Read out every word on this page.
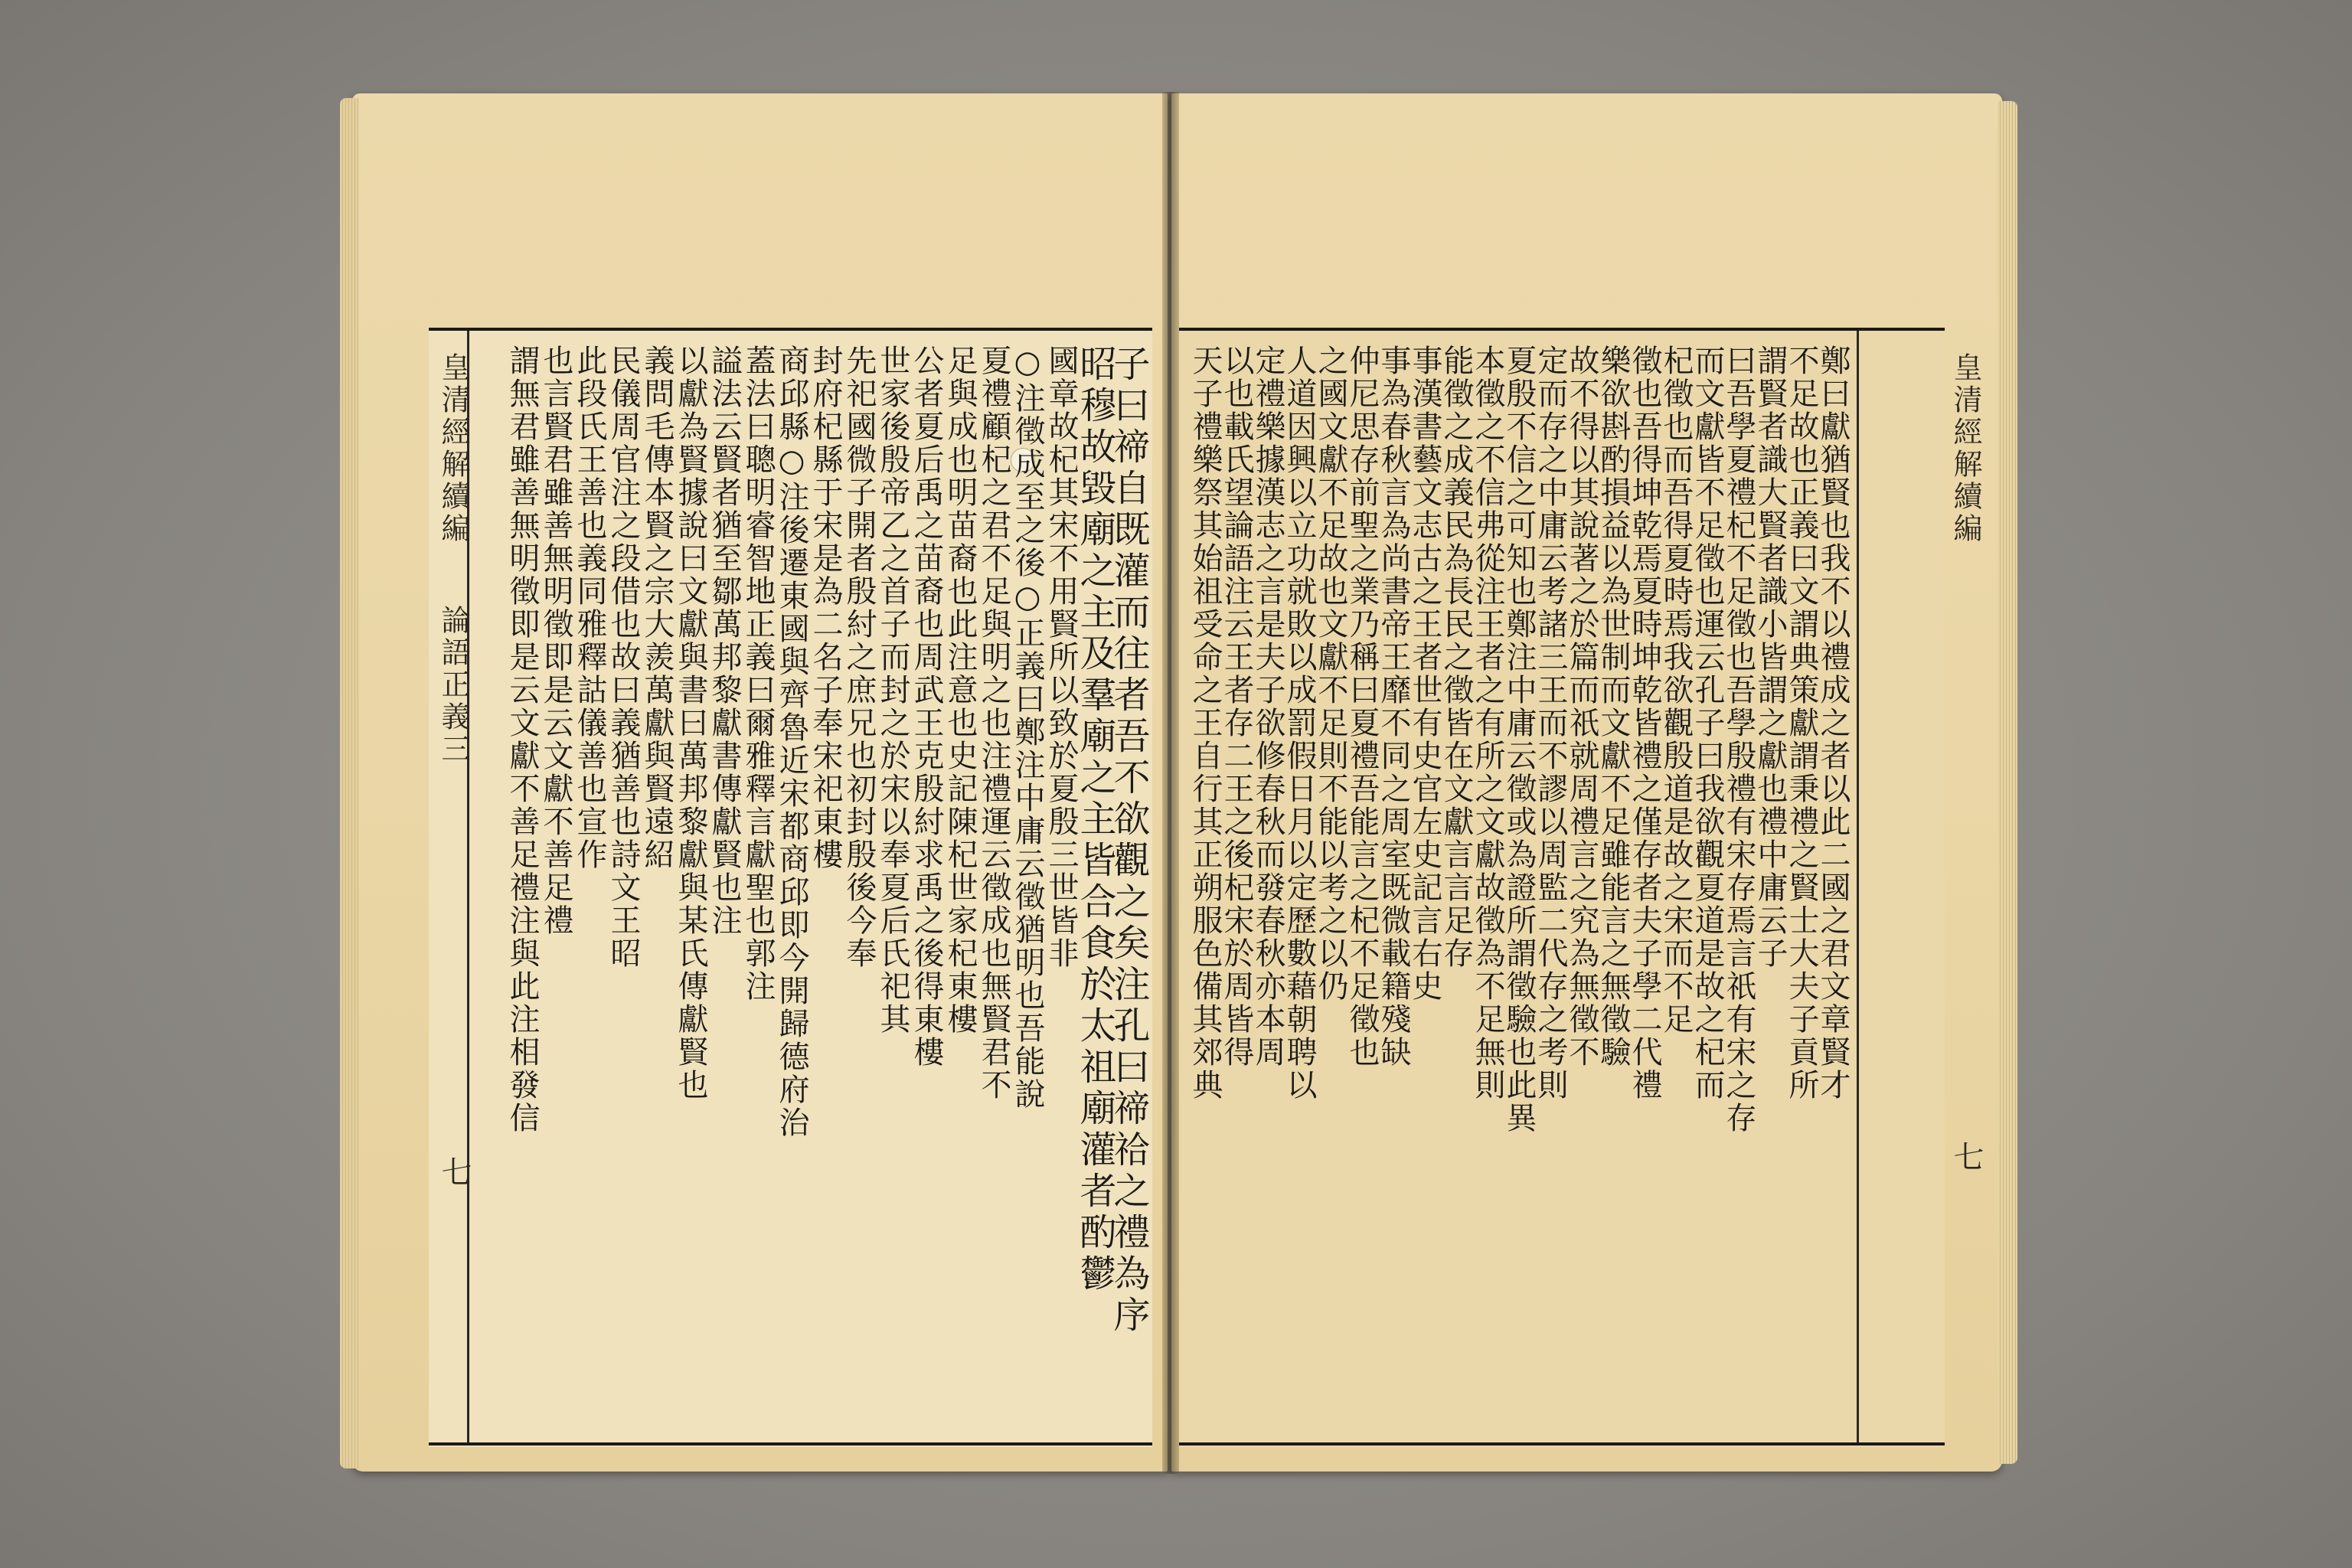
皇清經解續編
七
皇清經解續編
論語正義三
七
鄭曰獻猶賢也我不以禮成之者以此二國之君文章賢才
不足故也正義曰文謂典策獻謂秉禮之賢士大夫子貢所
謂賢者識大賢者識小皆謂之獻也禮中庸云子
曰吾學夏禮杞不足徵也吾學殷禮有宋存焉言祇有宋之存
而文獻皆不足徵也運云孔子曰我欲觀夏道是故之杞而
杞徵也而吾得夏時焉我欲觀殷道是故之宋而不足
徵也吾得坤乾焉夏時坤乾皆禮之僅存者夫子學二代禮
樂欲斟酌損益以為世制而文獻不足雖能言之無徵驗
故不得以其說著之於篇而祇就周禮言之究為無徵不
定而存之中庸云考諸三王而不謬以周監二代存之考則
夏殷不信之可知也鄭注中庸云徵或為證所謂徵驗也此異
本徵之不信弗從注王者之有所之文獻故徵為不足無則
能徵之成義民為長民之徵皆在文獻言言足存
事漢書藝文志古之王者世有史官左史記言右史
事為春秋言為尚書帝王靡不同之周室既微載籍殘缺
仲尼思存前聖之業乃稱曰夏禮吾能言之杞不足徵也
之國文獻不足故也文獻不足則不能以考之以仍
人道因興以立功就敗以成罰假日月以定歷數藉朝聘以
定禮樂據漢志之言是夫子欲修春秋而發春秋亦本周
以也載氏望論語注云王者存二王之後杞宋於周皆得
天子禮樂祭其始祖受命之王自行其正朔服色備其郊典
子曰禘自既灌而往者吾不欲觀之矣注孔曰禘祫之禮為序
昭穆故毀廟之主及羣廟之主皆合食於太祖廟灌者酌鬱
國章故杞其宋不用賢所以致於夏殷三世皆非
○注徵成至之後○正義曰鄭注中庸云徵猶明也吾能說
夏禮顧杞之君不足與明之也注禮運云徵成也無賢君不
足與成也明苗裔也此注意也史記陳杞世家杞東樓
公者夏后禹之苗裔也周武王克殷紂求禹之後得東樓
世家後殷帝乙之首子而封之於宋以奉夏后氏祀其
先祀國微子開者殷紂之庶兄也初封殷後今奉
封府杞縣于宋是為二名子奉宋祀東樓
商邱縣○注後遷東國與齊魯近宋都商邱即今開歸德府治
蓋法曰聰明睿智地正義曰爾雅釋言獻聖也郭注
謚法云賢者猶至鄒萬邦黎獻書傳獻賢也注
以獻為賢據說曰文獻與書曰萬邦黎獻與某氏傳獻賢也
義問毛傳本賢之宗大羨萬獻與賢遠紹
民儀周官注之段借也故曰義猶善也詩文王昭
此段氏王善也義同雅釋詁儀善也宣作
也言賢君雖善無明徵即是云文獻不善足禮
謂無君雖善無明徵即是云文獻不善足禮注與此注相發信
